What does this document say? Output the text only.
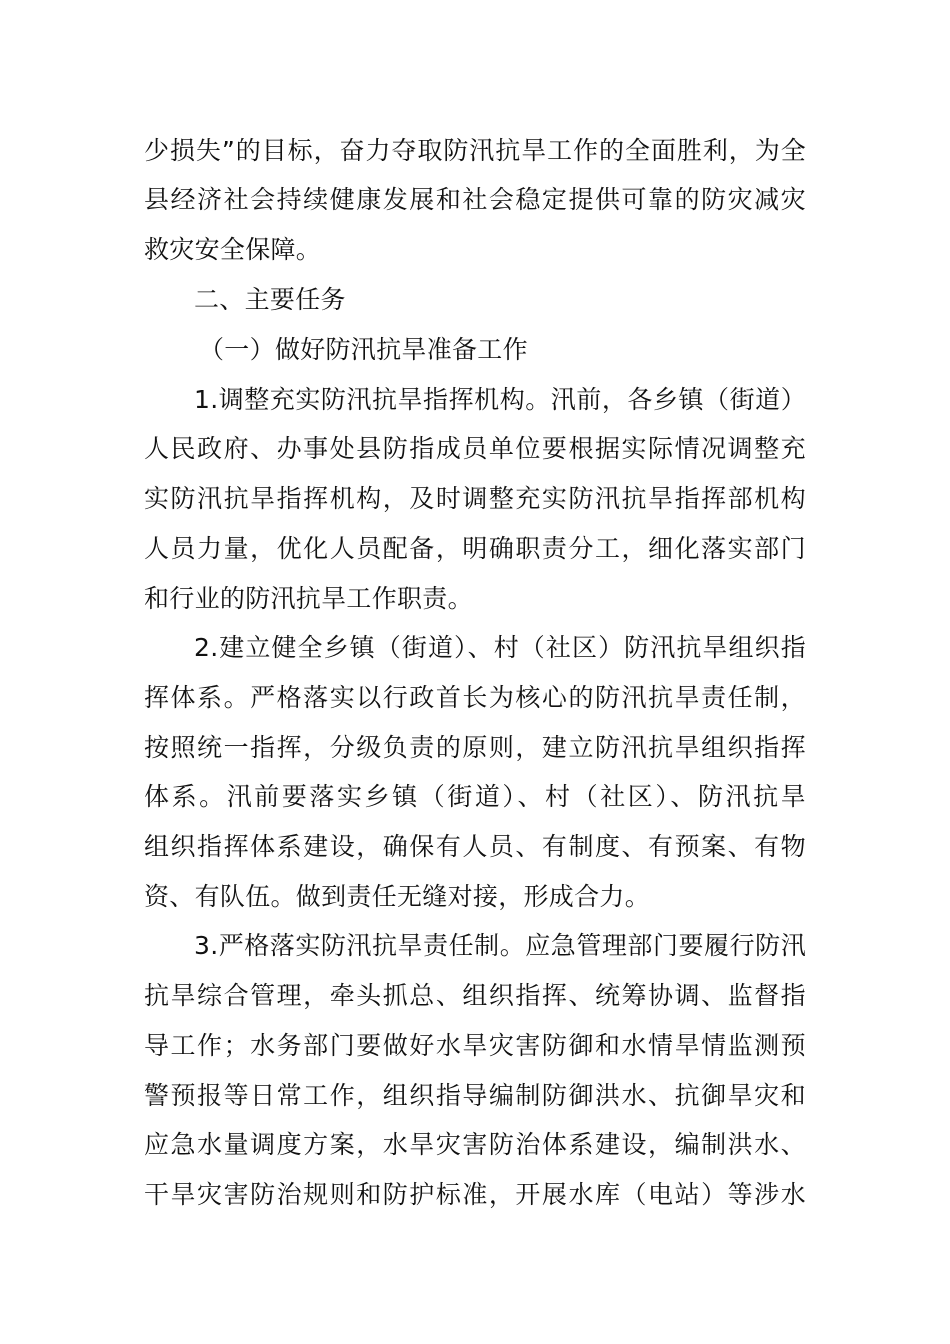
少损失”的目标，奋力夺取防汛抗旱工作的全面胜利，为全
县经济社会持续健康发展和社会稳定提供可靠的防灾减灾
救灾安全保障。
二、主要任务
（一）做好防汛抗旱准备工作
1.调整充实防汛抗旱指挥机构。汛前，各乡镇（街道）
人民政府、办事处县防指成员单位要根据实际情况调整充
实防汛抗旱指挥机构，及时调整充实防汛抗旱指挥部机构
人员力量，优化人员配备，明确职责分工，细化落实部门
和行业的防汛抗旱工作职责。
2.建立健全乡镇（街道）、村（社区）防汛抗旱组织指
挥体系。严格落实以行政首长为核心的防汛抗旱责任制，
按照统一指挥，分级负责的原则，建立防汛抗旱组织指挥
体系。汛前要落实乡镇（街道）、村（社区）、防汛抗旱
组织指挥体系建设，确保有人员、有制度、有预案、有物
资、有队伍。做到责任无缝对接，形成合力。
3.严格落实防汛抗旱责任制。应急管理部门要履行防汛
抗旱综合管理，牵头抓总、组织指挥、统筹协调、监督指
导工作；水务部门要做好水旱灾害防御和水情旱情监测预
警预报等日常工作，组织指导编制防御洪水、抗御旱灾和
应急水量调度方案，水旱灾害防治体系建设，编制洪水、
干旱灾害防治规则和防护标准，开展水库（电站）等涉水
